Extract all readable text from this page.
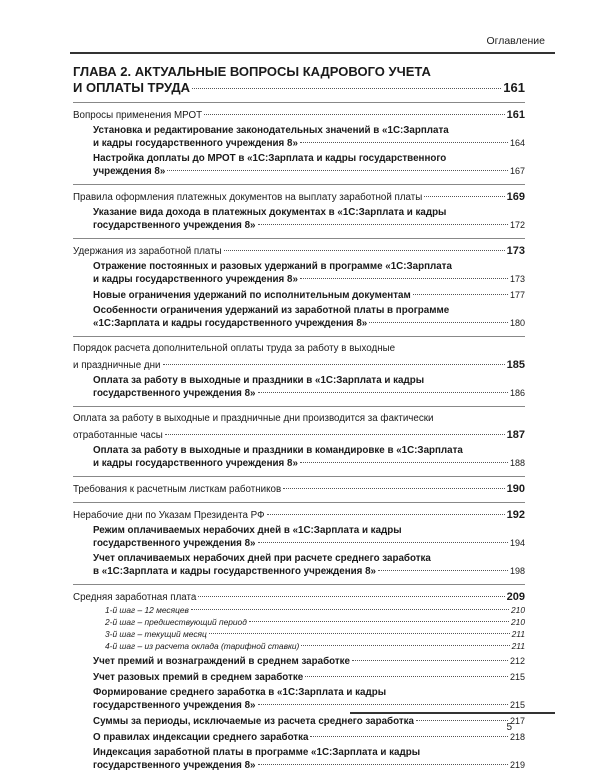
Оглавление
ГЛАВА 2. АКТУАЛЬНЫЕ ВОПРОСЫ КАДРОВОГО УЧЕТА
И ОПЛАТЫ ТРУДА	161
Вопросы применения МРОТ	161
Установка и редактирование законодательных значений в «1С:Зарплата
и кадры государственного учреждения 8»	164
Настройка доплаты до МРОТ в «1С:Зарплата и кадры государственного
учреждения 8»	167
Правила оформления платежных документов на выплату заработной платы	169
Указание вида дохода в платежных документах в «1С:Зарплата и кадры
государственного учреждения 8»	172
Удержания из заработной платы	173
Отражение постоянных и разовых удержаний в программе «1С:Зарплата
и кадры государственного учреждения 8»	173
Новые ограничения удержаний по исполнительным документам	177
Особенности ограничения удержаний из заработной платы в программе
«1С:Зарплата и кадры государственного учреждения 8»	180
Порядок расчета дополнительной оплаты труда за работу в выходные
и праздничные дни	185
Оплата за работу в выходные и праздники в «1С:Зарплата и кадры
государственного учреждения 8»	186
Оплата за работу в выходные и праздничные дни производится за фактически
отработанные часы	187
Оплата за работу в выходные и праздники в командировке в «1С:Зарплата
и кадры государственного учреждения 8»	188
Требования к расчетным листкам работников	190
Нерабочие дни по Указам Президента РФ	192
Режим оплачиваемых нерабочих дней в «1С:Зарплата и кадры
государственного учреждения 8»	194
Учет оплачиваемых нерабочих дней при расчете среднего заработка
в «1С:Зарплата и кадры государственного учреждения 8»	198
Средняя заработная плата	209
1-й шаг – 12 месяцев	210
2-й шаг – предшествующий период	210
3-й шаг – текущий месяц	211
4-й шаг – из расчета оклада (тарифной ставки)	211
Учет премий и вознаграждений в среднем заработке	212
Учет разовых премий в среднем заработке	215
Формирование среднего заработка в «1С:Зарплата и кадры
государственного учреждения 8»	215
Суммы за периоды, исключаемые из расчета среднего заработка	217
О правилах индексации среднего заработка	218
Индексация заработной платы в программе «1С:Зарплата и кадры
государственного учреждения 8»	219
5
